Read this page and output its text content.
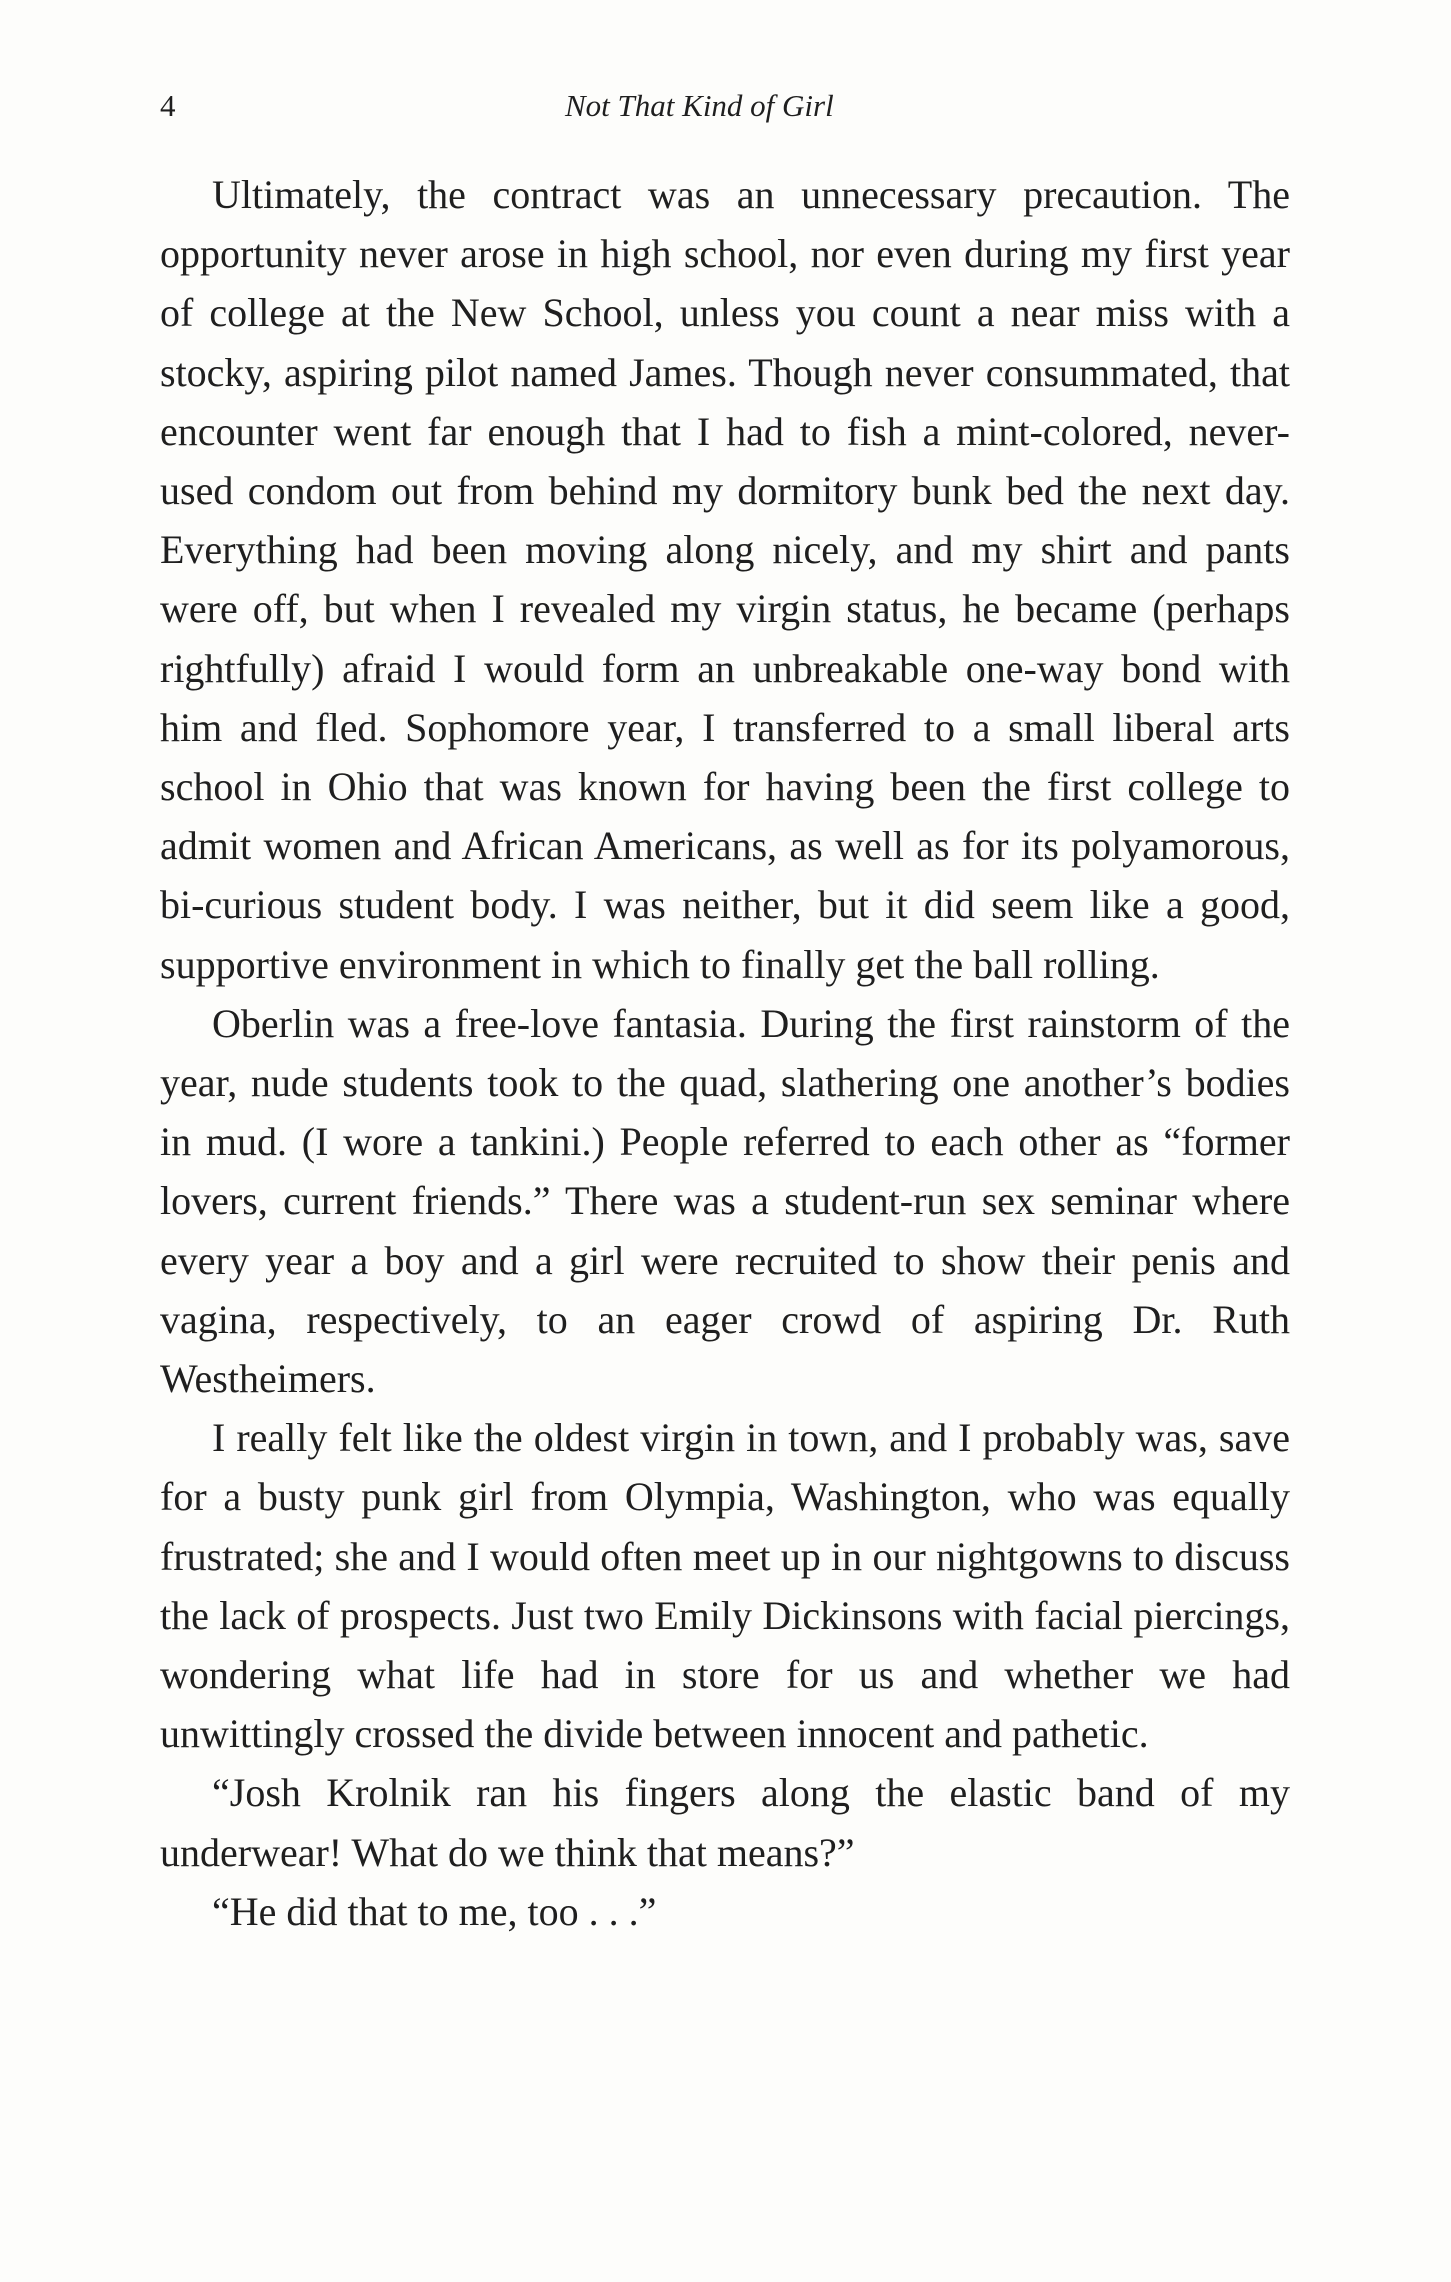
4	Not That Kind of Girl

Ultimately, the contract was an unnecessary precaution. The opportunity never arose in high school, nor even during my first year of college at the New School, unless you count a near miss with a stocky, aspiring pilot named James. Though never consummated, that encounter went far enough that I had to fish a mint-colored, never-used condom out from behind my dormitory bunk bed the next day. Everything had been moving along nicely, and my shirt and pants were off, but when I revealed my virgin status, he became (perhaps rightfully) afraid I would form an unbreakable one-way bond with him and fled. Sophomore year, I transferred to a small liberal arts school in Ohio that was known for having been the first college to admit women and African Americans, as well as for its polyamorous, bi-curious student body. I was neither, but it did seem like a good, supportive environment in which to finally get the ball rolling.

Oberlin was a free-love fantasia. During the first rainstorm of the year, nude students took to the quad, slathering one another’s bodies in mud. (I wore a tankini.) People referred to each other as “former lovers, current friends.” There was a student-run sex seminar where every year a boy and a girl were recruited to show their penis and vagina, respectively, to an eager crowd of aspiring Dr. Ruth Westheimers.

I really felt like the oldest virgin in town, and I probably was, save for a busty punk girl from Olympia, Washington, who was equally frustrated; she and I would often meet up in our nightgowns to discuss the lack of prospects. Just two Emily Dickinsons with facial piercings, wondering what life had in store for us and whether we had unwittingly crossed the divide between innocent and pathetic.

“Josh Krolnik ran his fingers along the elastic band of my underwear! What do we think that means?”

“He did that to me, too . . .”
